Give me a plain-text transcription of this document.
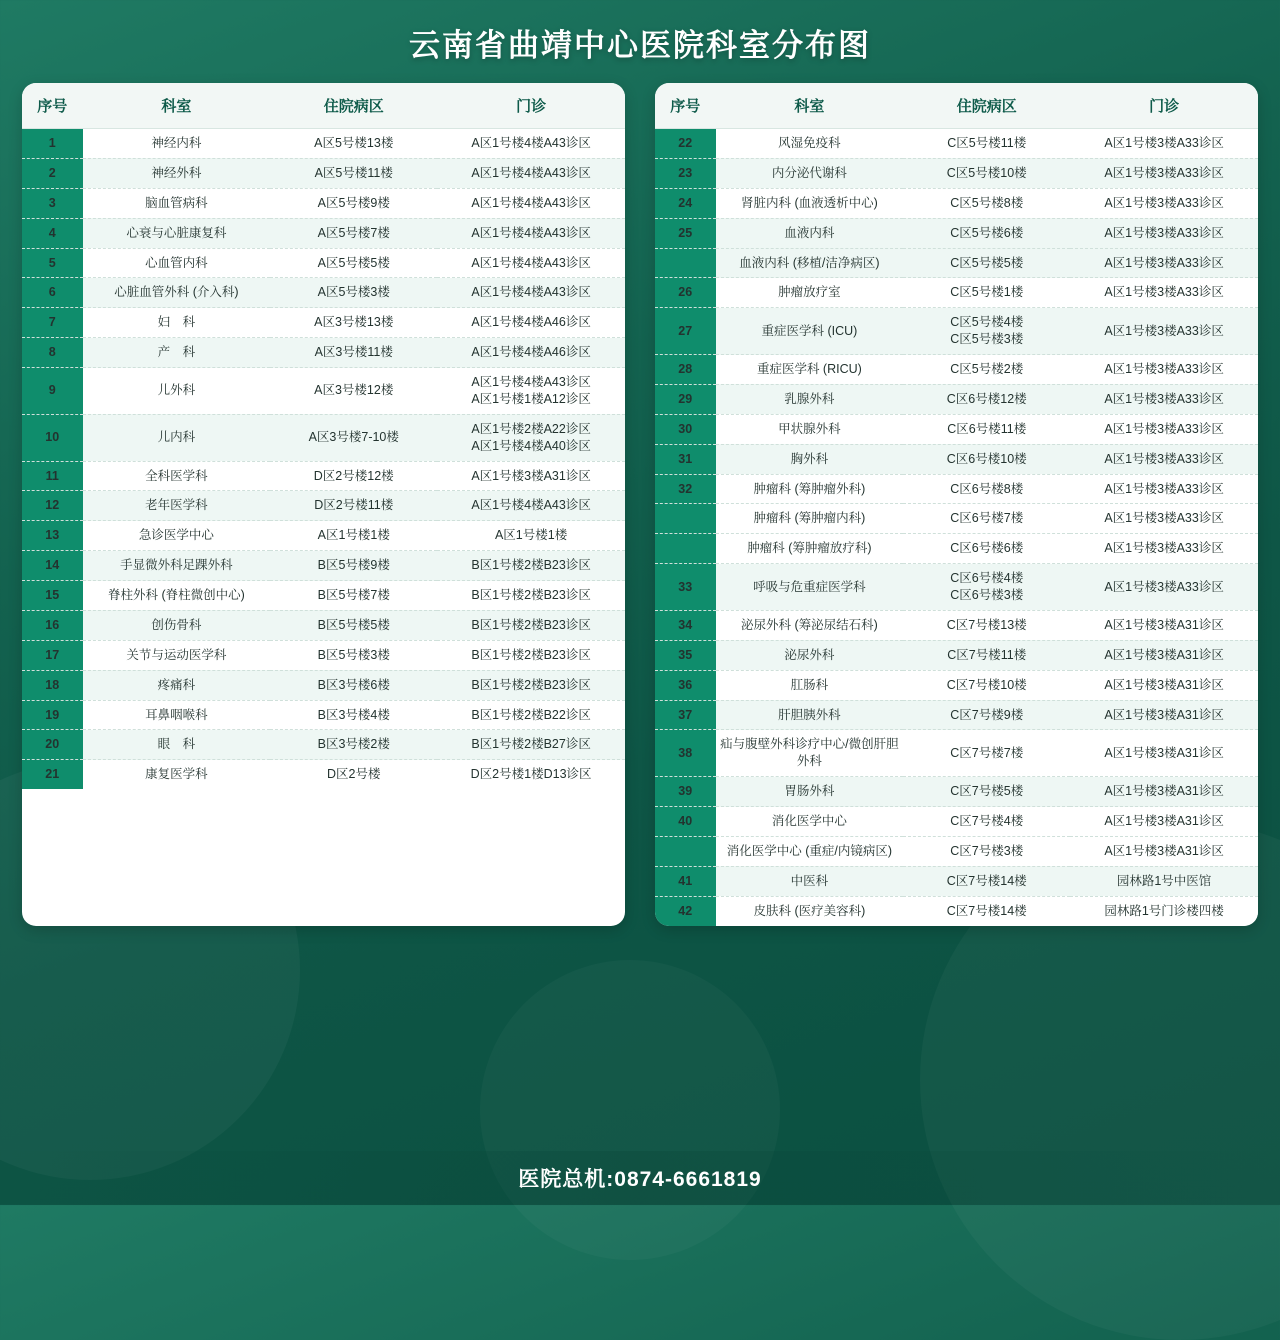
云南省曲靖中心医院科室分布图
序号	科室	住院病区	门诊
1	神经内科	A区5号楼13楼	A区1号楼4楼A43诊区
2	神经外科	A区5号楼11楼	A区1号楼4楼A43诊区
3	脑血管病科	A区5号楼9楼	A区1号楼4楼A43诊区
4	心衰与心脏康复科	A区5号楼7楼	A区1号楼4楼A43诊区
5	心血管内科	A区5号楼5楼	A区1号楼4楼A43诊区
6	心脏血管外科 (介入科)	A区5号楼3楼	A区1号楼4楼A43诊区
7	妇　科	A区3号楼13楼	A区1号楼4楼A46诊区
8	产　科	A区3号楼11楼	A区1号楼4楼A46诊区
9	儿外科	A区3号楼12楼	A区1号楼4楼A43诊区
A区1号楼1楼A12诊区

10	儿内科	A区3号楼7-10楼	A区1号楼2楼A22诊区
A区1号楼4楼A40诊区

11	全科医学科	D区2号楼12楼	A区1号楼3楼A31诊区
12	老年医学科	D区2号楼11楼	A区1号楼4楼A43诊区
13	急诊医学中心	A区1号楼1楼	A区1号楼1楼
14	手显微外科足踝外科	B区5号楼9楼	B区1号楼2楼B23诊区
15	脊柱外科 (脊柱微创中心)	B区5号楼7楼	B区1号楼2楼B23诊区
16	创伤骨科	B区5号楼5楼	B区1号楼2楼B23诊区
17	关节与运动医学科	B区5号楼3楼	B区1号楼2楼B23诊区
18	疼痛科	B区3号楼6楼	B区1号楼2楼B23诊区
19	耳鼻咽喉科	B区3号楼4楼	B区1号楼2楼B22诊区
20	眼　科	B区3号楼2楼	B区1号楼2楼B27诊区
21	康复医学科	D区2号楼	D区2号楼1楼D13诊区
序号	科室	住院病区	门诊
22	风湿免疫科	C区5号楼11楼	A区1号楼3楼A33诊区
23	内分泌代谢科	C区5号楼10楼	A区1号楼3楼A33诊区
24	肾脏内科 (血液透析中心)	C区5号楼8楼	A区1号楼3楼A33诊区
25	血液内科	C区5号楼6楼	A区1号楼3楼A33诊区
	血液内科 (移植/洁净病区)	C区5号楼5楼	A区1号楼3楼A33诊区
26	肿瘤放疗室	C区5号楼1楼	A区1号楼3楼A33诊区
27	重症医学科 (ICU)	C区5号楼4楼
C区5号楼3楼	A区1号楼3楼A33诊区
28	重症医学科 (RICU)	C区5号楼2楼	A区1号楼3楼A33诊区
29	乳腺外科	C区6号楼12楼	A区1号楼3楼A33诊区
30	甲状腺外科	C区6号楼11楼	A区1号楼3楼A33诊区
31	胸外科	C区6号楼10楼	A区1号楼3楼A33诊区
32	肿瘤科 (筹肿瘤外科)	C区6号楼8楼	A区1号楼3楼A33诊区
	肿瘤科 (筹肿瘤内科)	C区6号楼7楼	A区1号楼3楼A33诊区
	肿瘤科 (筹肿瘤放疗科)	C区6号楼6楼	A区1号楼3楼A33诊区
33	呼吸与危重症医学科	C区6号楼4楼
C区6号楼3楼	A区1号楼3楼A33诊区
34	泌尿外科 (筹泌尿结石科)	C区7号楼13楼	A区1号楼3楼A31诊区
35	泌尿外科	C区7号楼11楼	A区1号楼3楼A31诊区
36	肛肠科	C区7号楼10楼	A区1号楼3楼A31诊区
37	肝胆胰外科	C区7号楼9楼	A区1号楼3楼A31诊区
38	疝与腹壁外科诊疗中心/微创肝胆外科	C区7号楼7楼	A区1号楼3楼A31诊区
39	胃肠外科	C区7号楼5楼	A区1号楼3楼A31诊区
40	消化医学中心	C区7号楼4楼	A区1号楼3楼A31诊区
	消化医学中心 (重症/内镜病区)	C区7号楼3楼	A区1号楼3楼A31诊区
41	中医科	C区7号楼14楼	园林路1号中医馆
42	皮肤科 (医疗美容科)	C区7号楼14楼	园林路1号门诊楼四楼
医院总机:0874-6661819
